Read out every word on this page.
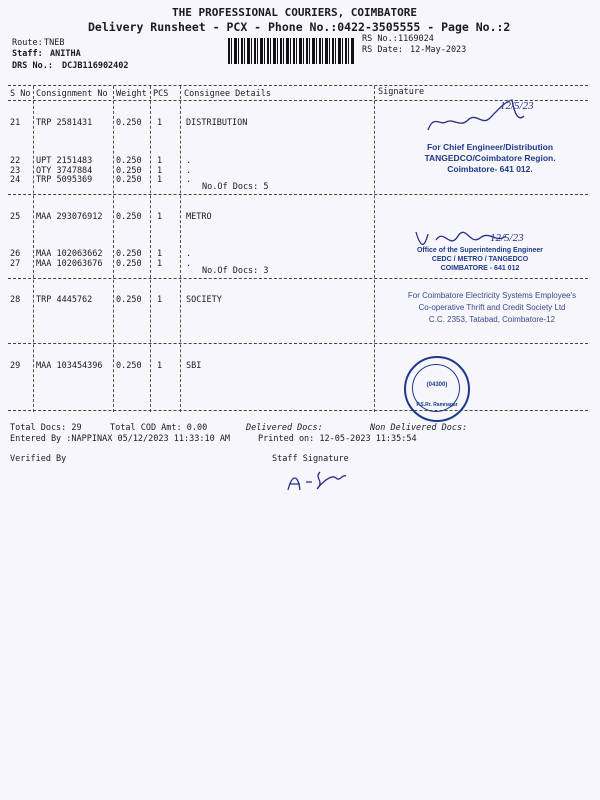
THE PROFESSIONAL COURIERS, COIMBATORE
Delivery Runsheet - PCX - Phone No.:0422-3505555 - Page No.:2
Route: TNEB
Staff: ANITHA
DRS No.: DCJB116902402
RS No.: 1169024
RS Date: 12-May-2023
S No Consignment No Weight PCS Consignee Details	Signature
21 TRP 2581431	0.250 1	DISTRIBUTION
22 UPT 2151483	0.250 1	.
23 OTY 3747884	0.250 1	.
24 TRP 5095369	0.250 1	.
No.Of Docs: 5
25 MAA 293076912 0.250 1	METRO
26 MAA 102063662 0.250 1	.
27 MAA 102063676 0.250 1	.
No.Of Docs: 3
28 TRP 4445762	0.250 1	SOCIETY
29 MAA 103454396 0.250 1	SBI
12/5/23
For Chief Engineer/Distribution
TANGEDCO/Coimbatore Region.
Coimbatore- 641 012.
12/5/23
Office of the Superintending Engineer
CEDC / METRO / TANGEDCO
COIMBATORE - 641 012
For Coimbatore Electricity Systems Employee's
Co-operative Thrift and Credit Society Ltd
C.C. 2353, Tatabad, Coimbatore-12
(04300)
P.S.Rr. Ramnagar
Total Docs: 29	Total COD Amt: 0.00	Delivered Docs:	Non Delivered Docs:
Entered By :NAPPINAX 05/12/2023 11:33:10 AM	Printed on: 12-05-2023 11:35:54
Verified By	Staff Signature
